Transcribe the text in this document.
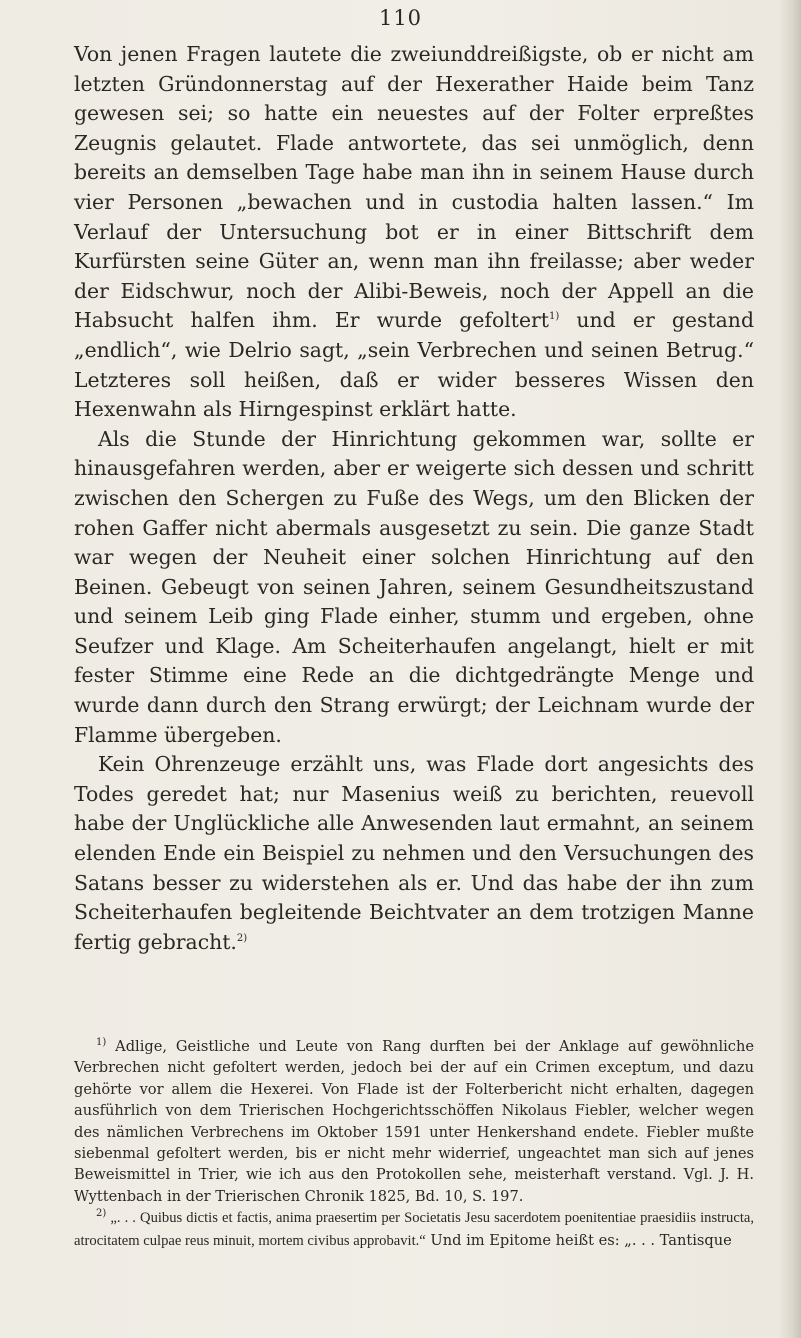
110

Von jenen Fragen lautete die zweiunddreißigste, ob er nicht am letzten Gründonnerstag auf der Hexerather Haide beim Tanz gewesen sei; so hatte ein neuestes auf der Folter erpreßtes Zeugnis gelautet. Flade antwortete, das sei unmöglich, denn bereits an demselben Tage habe man ihn in seinem Hause durch vier Personen „bewachen und in custodia halten lassen.“ Im Verlauf der Untersuchung bot er in einer Bittschrift dem Kurfürsten seine Güter an, wenn man ihn freilasse; aber weder der Eidschwur, noch der Alibi-Beweis, noch der Appell an die Habsucht halfen ihm. Er wurde gefoltert$^{1)}$ und er gestand „endlich“, wie Delrio sagt, „sein Verbrechen und seinen Betrug.“ Letzteres soll heißen, daß er wider besseres Wissen den Hexenwahn als Hirngespinst erklärt hatte.

Als die Stunde der Hinrichtung gekommen war, sollte er hinausgefahren werden, aber er weigerte sich dessen und schritt zwischen den Schergen zu Fuße des Wegs, um den Blicken der rohen Gaffer nicht abermals ausgesetzt zu sein. Die ganze Stadt war wegen der Neuheit einer solchen Hinrichtung auf den Beinen. Gebeugt von seinen Jahren, seinem Gesundheitszustand und seinem Leib ging Flade einher, stumm und ergeben, ohne Seufzer und Klage. Am Scheiterhaufen angelangt, hielt er mit fester Stimme eine Rede an die dichtgedrängte Menge und wurde dann durch den Strang erwürgt; der Leichnam wurde der Flamme übergeben.

Kein Ohrenzeuge erzählt uns, was Flade dort angesichts des Todes geredet hat; nur Masenius weiß zu berichten, reuevoll habe der Unglückliche alle Anwesenden laut ermahnt, an seinem elenden Ende ein Beispiel zu nehmen und den Versuchungen des Satans besser zu widerstehen als er. Und das habe der ihn zum Scheiterhaufen begleitende Beichtvater an dem trotzigen Manne fertig gebracht.$^{2)}$

$^{1)}$ Adlige, Geistliche und Leute von Rang durften bei der Anklage auf gewöhnliche Verbrechen nicht gefoltert werden, jedoch bei der auf ein Crimen exceptum, und dazu gehörte vor allem die Hexerei. Von Flade ist der Folterbericht nicht erhalten, dagegen ausführlich von dem Trierischen Hochgerichtsschöffen Nikolaus Fiebler, welcher wegen des nämlichen Verbrechens im Oktober 1591 unter Henkershand endete. Fiebler mußte siebenmal gefoltert werden, bis er nicht mehr widerrief, ungeachtet man sich auf jenes Beweismittel in Trier, wie ich aus den Protokollen sehe, meisterhaft verstand. Vgl. J. H. Wyttenbach in der Trierischen Chronik 1825, Bd. 10, S. 197.

$^{2)}$ „. . . Quibus dictis et factis, anima praesertim per Societatis Jesu sacerdotem poenitentiae praesidiis instructa, atrocitatem culpae reus minuit, mortem civibus approbavit.“ Und im Epitome heißt es: „. . . Tantisque
